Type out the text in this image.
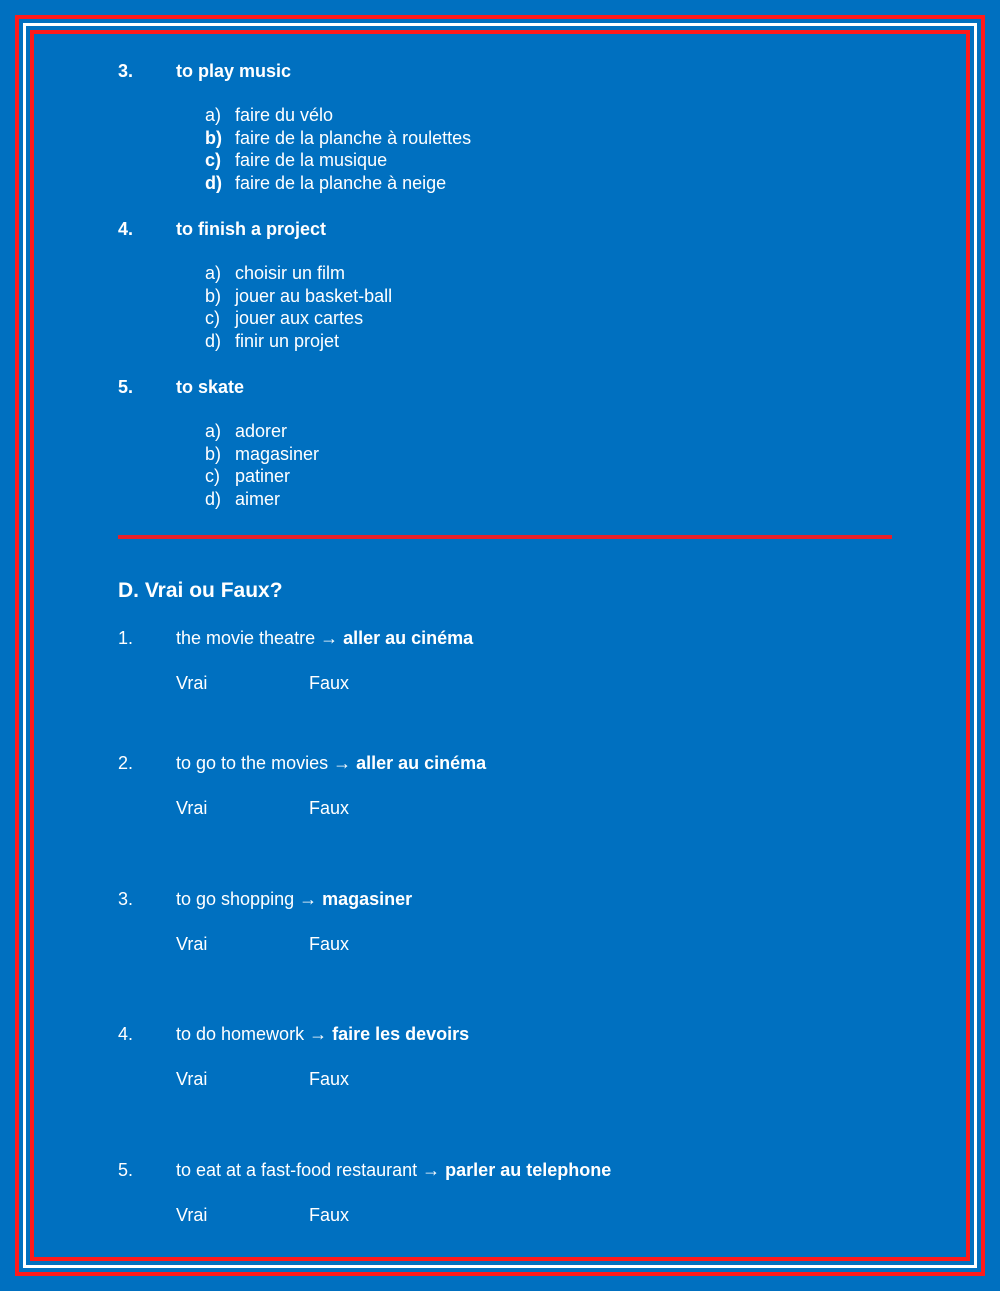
3. to play music
a) faire du vélo
b) faire de la planche à roulettes
c) faire de la musique
d) faire de la planche à neige
4. to finish a project
a) choisir un film
b) jouer au basket-ball
c) jouer aux cartes
d) finir un projet
5. to skate
a) adorer
b) magasiner
c) patiner
d) aimer
D. Vrai ou Faux?
1. the movie theatre → aller au cinéma
Vrai	Faux
2. to go to the movies → aller au cinéma
Vrai	Faux
3. to go shopping → magasiner
Vrai	Faux
4. to do homework → faire les devoirs
Vrai	Faux
5. to eat at a fast-food restaurant → parler au telephone
Vrai	Faux
